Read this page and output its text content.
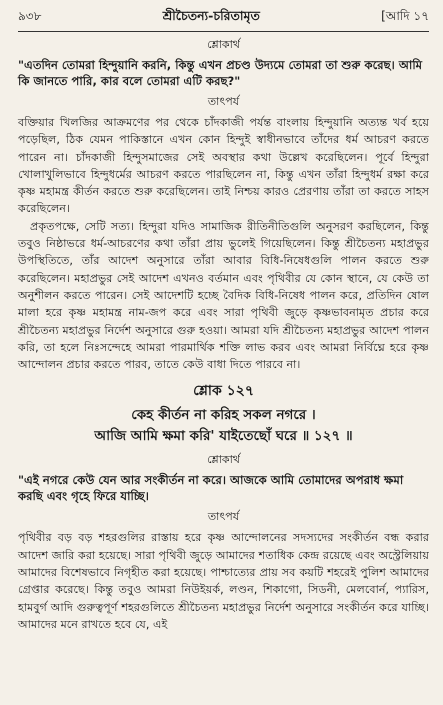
৯৩৮	শ্রীচৈতন্য-চরিতামৃত	[আদি ১৭
শ্লোকার্থ

"এতদিন তোমরা হিন্দুয়ানি করনি, কিন্তু এখন প্রচণ্ড উদ্যমে তোমরা তা শুরু করেছ। আমি কি জানতে পারি, কার বলে তোমরা এটি করছ?"

তাৎপর্য

বক্তিয়ার খিলজির আক্রমণের পর থেকে চাঁদকাজী পর্যন্ত বাংলায় হিন্দুয়ানি অত্যন্ত খর্ব হয়ে পড়েছিল, ঠিক যেমন পাকিস্তানে এখন কোন হিন্দুই স্বাধীনভাবে তাঁদের ধর্ম আচরণ করতে পারেন না। চাঁদকাজী হিন্দুসমাজের সেই অবস্থার কথা উল্লেখ করেছিলেন। পূর্বে হিন্দুরা খোলাখুলিভাবে হিন্দুধর্মের আচরণ করতে পারছিলেন না, কিন্তু এখন তাঁরা হিন্দুধর্ম রক্ষা করে কৃষ্ণ মহামন্ত্র কীর্তন করতে শুরু করেছিলেন। তাই নিশ্চয় কারও প্রেরণায় তাঁরা তা করতে সাহস করেছিলেন।

প্রকৃতপক্ষে, সেটি সত্য। হিন্দুরা যদিও সামাজিক রীতিনীতিগুলি অনুসরণ করছিলেন, কিন্তু তবুও নিষ্ঠাভরে ধর্ম-আচরণের কথা তাঁরা প্রায় ভুলেই গিয়েছিলেন। কিন্তু শ্রীচৈতন্য মহাপ্রভুর উপস্থিতিতে, তাঁর আদেশ অনুসারে তাঁরা আবার বিধি-নিষেধগুলি পালন করতে শুরু করেছিলেন। মহাপ্রভুর সেই আদেশ এখনও বর্তমান এবং পৃথিবীর যে কোন স্থানে, যে কেউ তা অনুশীলন করতে পারেন। সেই আদেশটি হচ্ছে বৈদিক বিধি-নিষেধ পালন করে, প্রতিদিন ষোল মালা হরে কৃষ্ণ মহামন্ত্র নাম-জপ করে এবং সারা পৃথিবী জুড়ে কৃষ্ণভাবনামৃত প্রচার করে শ্রীচৈতন্য মহাপ্রভুর নির্দেশ অনুসারে গুরু হওয়া। আমরা যদি শ্রীচৈতন্য মহাপ্রভুর আদেশ পালন করি, তা হলে নিঃসন্দেহে আমরা পারমার্থিক শক্তি লাভ করব এবং আমরা নির্বিঘ্নে হরে কৃষ্ণ আন্দোলন প্রচার করতে পারব, তাতে কেউ বাধা দিতে পারবে না।

শ্লোক ১২৭

কেহ কীর্তন না করিহ সকল নগরে ।

আজি আমি ক্ষমা করি' যাইতেছোঁ ঘরে ॥ ১২৭ ॥

শ্লোকার্থ

"এই নগরে কেউ যেন আর সংকীর্তন না করে। আজকে আমি তোমাদের অপরাধ ক্ষমা করছি এবং গৃহে ফিরে যাচ্ছি।

তাৎপর্য

পৃথিবীর বড় বড় শহরগুলির রাস্তায় হরে কৃষ্ণ আন্দোলনের সদস্যদের সংকীর্তন বন্ধ করার আদেশ জারি করা হয়েছে। সারা পৃথিবী জুড়ে আমাদের শতাধিক কেন্দ্র রয়েছে এবং অস্ট্রেলিয়ায় আমাদের বিশেষভাবে নিগৃহীত করা হয়েছে। পাশ্চাত্যের প্রায় সব কয়টি শহরেই পুলিশ আমাদের গ্রেপ্তার করেছে। কিন্তু তবুও আমরা নিউইয়র্ক, লণ্ডন, শিকাগো, সিডনী, মেলবোর্ন, প্যারিস, হামবুর্গ আদি গুরুত্বপূর্ণ শহরগুলিতে শ্রীচৈতন্য মহাপ্রভুর নির্দেশ অনুসারে সংকীর্তন করে যাচ্ছি। আমাদের মনে রাখতে হবে যে, এই
